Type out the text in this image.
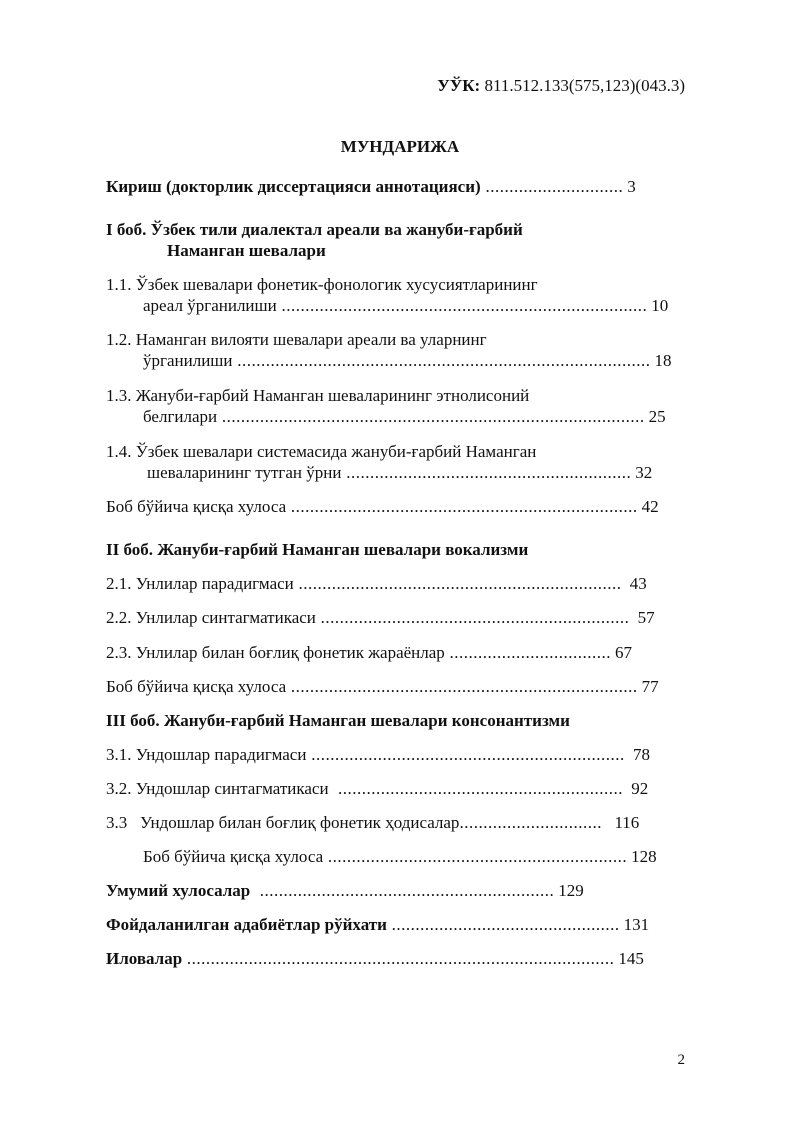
УЎК: 811.512.133(575,123)(043.3)
МУНДАРИЖА
Кириш (докторлик диссертацияси аннотацияси) ............................. 3
I боб. Ўзбек тили диалектал ареали ва жануби-ғарбий
Наманган шевалари
1.1. Ўзбек шевалари фонетик-фонологик хусусиятларининг
ареал ўрганилиши ............................................................................. 10
1.2. Наманган вилояти шевалари ареали ва уларнинг
ўрганилиши ....................................................................................... 18
1.3. Жануби-ғарбий Наманган шеваларининг этнолисоний
белгилари ......................................................................................... 25
1.4. Ўзбек шевалари системасида жануби-ғарбий Наманган
шеваларининг тутган ўрни ............................................................ 32
Боб бўйича қисқа хулоса ......................................................................... 42
II боб. Жануби-ғарбий Наманган шевалари вокализми
2.1. Унлилар парадигмаси .................................................................... 43
2.2. Унлилар синтагматикаси ................................................................. 57
2.3. Унлилар билан боғлиқ фонетик жараёнлар .................................. 67
Боб бўйича қисқа хулоса ......................................................................... 77
III боб. Жануби-ғарбий Наманган шевалари консонантизми
3.1. Ундошлар парадигмаси .................................................................. 78
3.2. Ундошлар синтагматикаси  ............................................................ 92
3.3   Ундошлар билан боғлиқ фонетик ҳодисалар..............................  116
Боб бўйича қисқа хулоса ............................................................... 128
Умумий хулосалар  .............................................................. 129
Фойдаланилган адабиётлар рўйхати ................................................ 131
Иловалар .......................................................................................... 145
2
